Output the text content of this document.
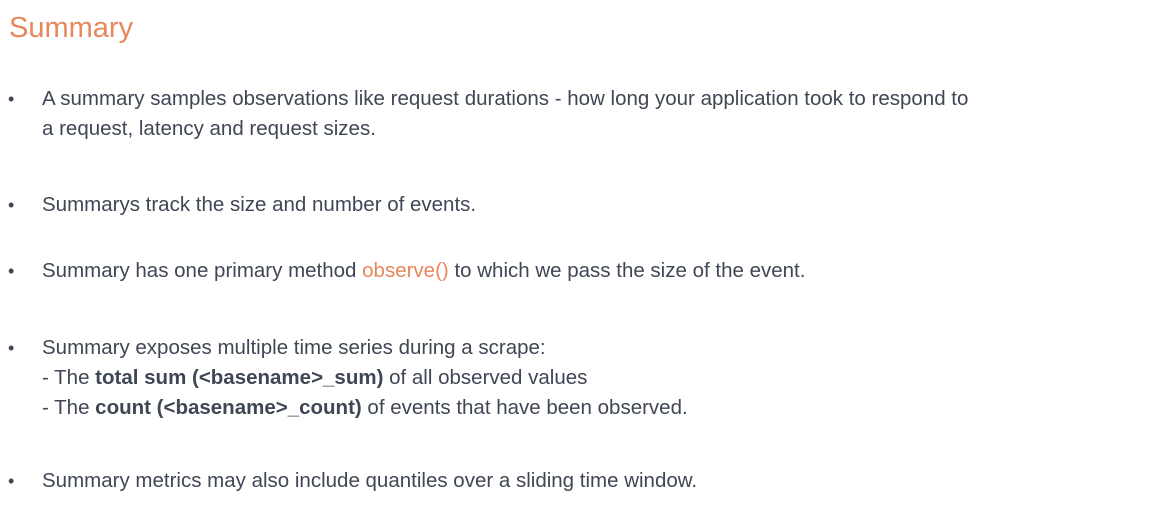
Summary
• A summary samples observations like request durations - how long your application took to respond to
a request, latency and request sizes.
• Summarys track the size and number of events.
• Summary has one primary method observe() to which we pass the size of the event.
• Summary exposes multiple time series during a scrape:
- The total sum (<basename>_sum) of all observed values
- The count (<basename>_count) of events that have been observed.
• Summary metrics may also include quantiles over a sliding time window.
